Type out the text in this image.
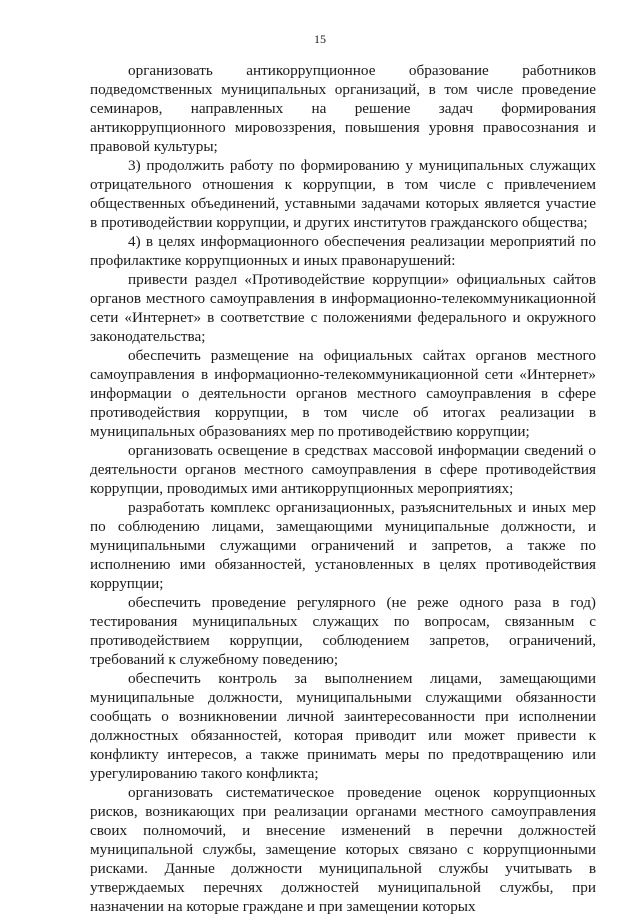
15

организовать антикоррупционное образование работников подведомственных муниципальных организаций, в том числе проведение семинаров, направленных на решение задач формирования антикоррупционного мировоззрения, повышения уровня правосознания и правовой культуры;

3) продолжить работу по формированию у муниципальных служащих отрицательного отношения к коррупции, в том числе с привлечением общественных объединений, уставными задачами которых является участие в противодействии коррупции, и других институтов гражданского общества;

4) в целях информационного обеспечения реализации мероприятий по профилактике коррупционных и иных правонарушений:

привести раздел «Противодействие коррупции» официальных сайтов органов местного самоуправления в информационно-телекоммуникационной сети «Интернет» в соответствие с положениями федерального и окружного законодательства;

обеспечить размещение на официальных сайтах органов местного самоуправления в информационно-телекоммуникационной сети «Интернет» информации о деятельности органов местного самоуправления в сфере противодействия коррупции, в том числе об итогах реализации в муниципальных образованиях мер по противодействию коррупции;

организовать освещение в средствах массовой информации сведений о деятельности органов местного самоуправления в сфере противодействия коррупции, проводимых ими антикоррупционных мероприятиях;

разработать комплекс организационных, разъяснительных и иных мер по соблюдению лицами, замещающими муниципальные должности, и муниципальными служащими ограничений и запретов, а также по исполнению ими обязанностей, установленных в целях противодействия коррупции;

обеспечить проведение регулярного (не реже одного раза в год) тестирования муниципальных служащих по вопросам, связанным с противодействием коррупции, соблюдением запретов, ограничений, требований к служебному поведению;

обеспечить контроль за выполнением лицами, замещающими муниципальные должности, муниципальными служащими обязанности сообщать о возникновении личной заинтересованности при исполнении должностных обязанностей, которая приводит или может привести к конфликту интересов, а также принимать меры по предотвращению или урегулированию такого конфликта;

организовать систематическое проведение оценок коррупционных рисков, возникающих при реализации органами местного самоуправления своих полномочий, и внесение изменений в перечни должностей муниципальной службы, замещение которых связано с коррупционными рисками. Данные должности муниципальной службы учитывать в утверждаемых перечнях должностей муниципальной службы, при назначении на которые граждане и при замещении которых
